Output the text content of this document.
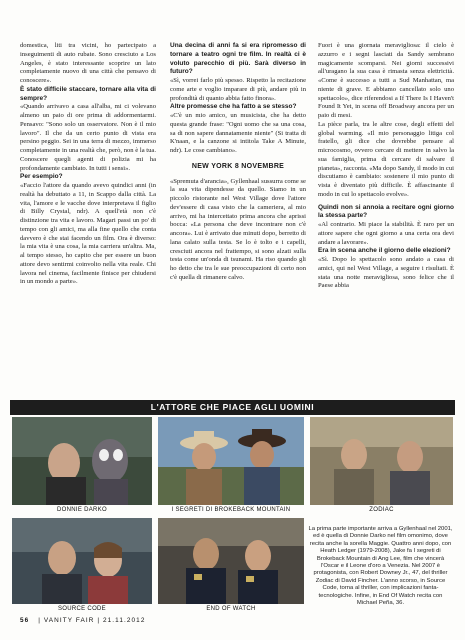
domestica, liti tra vicini, ho partecipato a inseguimenti di auto rubate. Sono cresciuto a Los Angeles, è stato interessante scoprire un lato completamente nuovo di una città che pensavo di conoscere».

È stato difficile staccare, tornare alla vita di sempre?

«Quando arrivavo a casa all'alba, mi ci volevano almeno un paio di ore prima di addormentarmi. Pensavo: "Sono solo un osservatore. Non è il mio lavoro". Il che da un certo punto di vista era persino peggio. Sei in una terra di mezzo, immerso completamente in una realtà che, però, non è la tua. Conoscere quegli agenti di polizia mi ha profondamente cambiato. In tutti i sensi».

Per esempio?

«Faccio l'attore da quando avevo quindici anni (in realtà ha debuttato a 11, in Scappo dalla città. La vita, l'amore e le vacche dove interpretava il figlio di Billy Crystal, ndr). A quell'età non c'è distinzione tra vita e lavoro. Magari passi un po' di tempo con gli amici, ma alla fine quello che conta davvero è che stai facendo un film. Ora è diverso: la mia vita è una cosa, la mia carriera un'altra. Ma, al tempo stesso, ho capito che per essere un buon attore devo sentirmi coinvolto nella vita reale. Chi lavora nel cinema, facilmente finisce per chiudersi in un mondo a parte».

Una decina di anni fa si era ripromesso di tornare a teatro ogni tre film. In realtà ci è voluto parecchio di più. Sarà diverso in futuro?

«Sì, vorrei farlo più spesso. Rispetto la recitazione come arte e voglio imparare di più, andare più in profondità di quanto abbia fatto finora».

Altre promesse che ha fatto a se stesso?

«C'è un mio amico, un musicista, che ha detto questa grande frase: "Ogni uomo che sa una cosa, sa di non sapere dannatamente niente" (Si tratta di K'naan, e la canzone si intitola Take A Minute, ndr). Le cose cambiano».

NEW YORK 8 NOVEMBRE

«Spremuta d'arancia», Gyllenhaal sussurra come se la sua vita dipendesse da quello. Siamo in un piccolo ristorante nel West Village dove l'attore dev'essere di casa visto che la cameriera, al mio arrivo, mi ha intercettato prima ancora che aprissi bocca: «La persona che deve incontrare non c'è ancora». Lui è arrivato due minuti dopo, berretto di lana calato sulla testa. Se lo è tolto e i capelli, cresciuti ancora nel frattempo, si sono alzati sulla testa come un'onda di tsunami. Ha riso quando gli ho detto che tra le sue preoccupazioni di certo non c'è quella di rimanere calvo.

Fuori è una giornata meravigliosa: il cielo è azzurro e i segni lasciati da Sandy sembrano magicamente scomparsi. Nei giorni successivi all'uragano la sua casa è rimasta senza elettricità. «Come è successo a tutti a Sud Manhattan, ma niente di grave. E abbiamo cancellato solo uno spettacolo», dice riferendosi a If There Is I Haven't Found It Yet, in scena off Broadway ancora per un paio di mesi.

La pièce parla, tra le altre cose, degli effetti del global warming. «Il mio personaggio litiga col fratello, gli dice che dovrebbe pensare al microcosmo, ovvero cercare di mettere in salvo la sua famiglia, prima di cercare di salvare il pianeta», racconta. «Ma dopo Sandy, il modo in cui discutiamo è cambiato: sostenere il mio punto di vista è diventato più difficile. È affascinante il modo in cui lo spettacolo evolve».

Quindi non si annoia a recitare ogni giorno la stessa parte?

«Al contrario. Mi piace la stabilità. È raro per un attore sapere che ogni giorno a una certa ora devi andare a lavorare».

Era in scena anche il giorno delle elezioni?

«Sì. Dopo lo spettacolo sono andato a casa di amici, qui nel West Village, a seguire i risultati. È stata una notte meravigliosa, sono felice che il Paese abbia

L'ATTORE CHE PIACE AGLI UOMINI
DONNIE DARKO	I SEGRETI DI BROKEBACK MOUNTAIN	ZODIAC
SOURCE CODE	END OF WATCH
La prima parte importante arriva a Gyllenhaal nel 2001, ed è quella di Donnie Darko nel film omonimo, dove recita anche la sorella Maggie. Quattro anni dopo, con Heath Ledger (1979-2008), Jake fa I segreti di Brokeback Mountain di Ang Lee, film che vincerà l'Oscar e il Leone d'oro a Venezia. Nel 2007 è protagonista, con Robert Downey Jr., 47, del thriller Zodiac di David Fincher. L'anno scorso, in Source Code, torna al thriller, con implicazioni fanta-tecnologiche. Infine, in End Of Watch recita con Michael Peña, 36.
56 | VANITY FAIR | 21.11.2012
